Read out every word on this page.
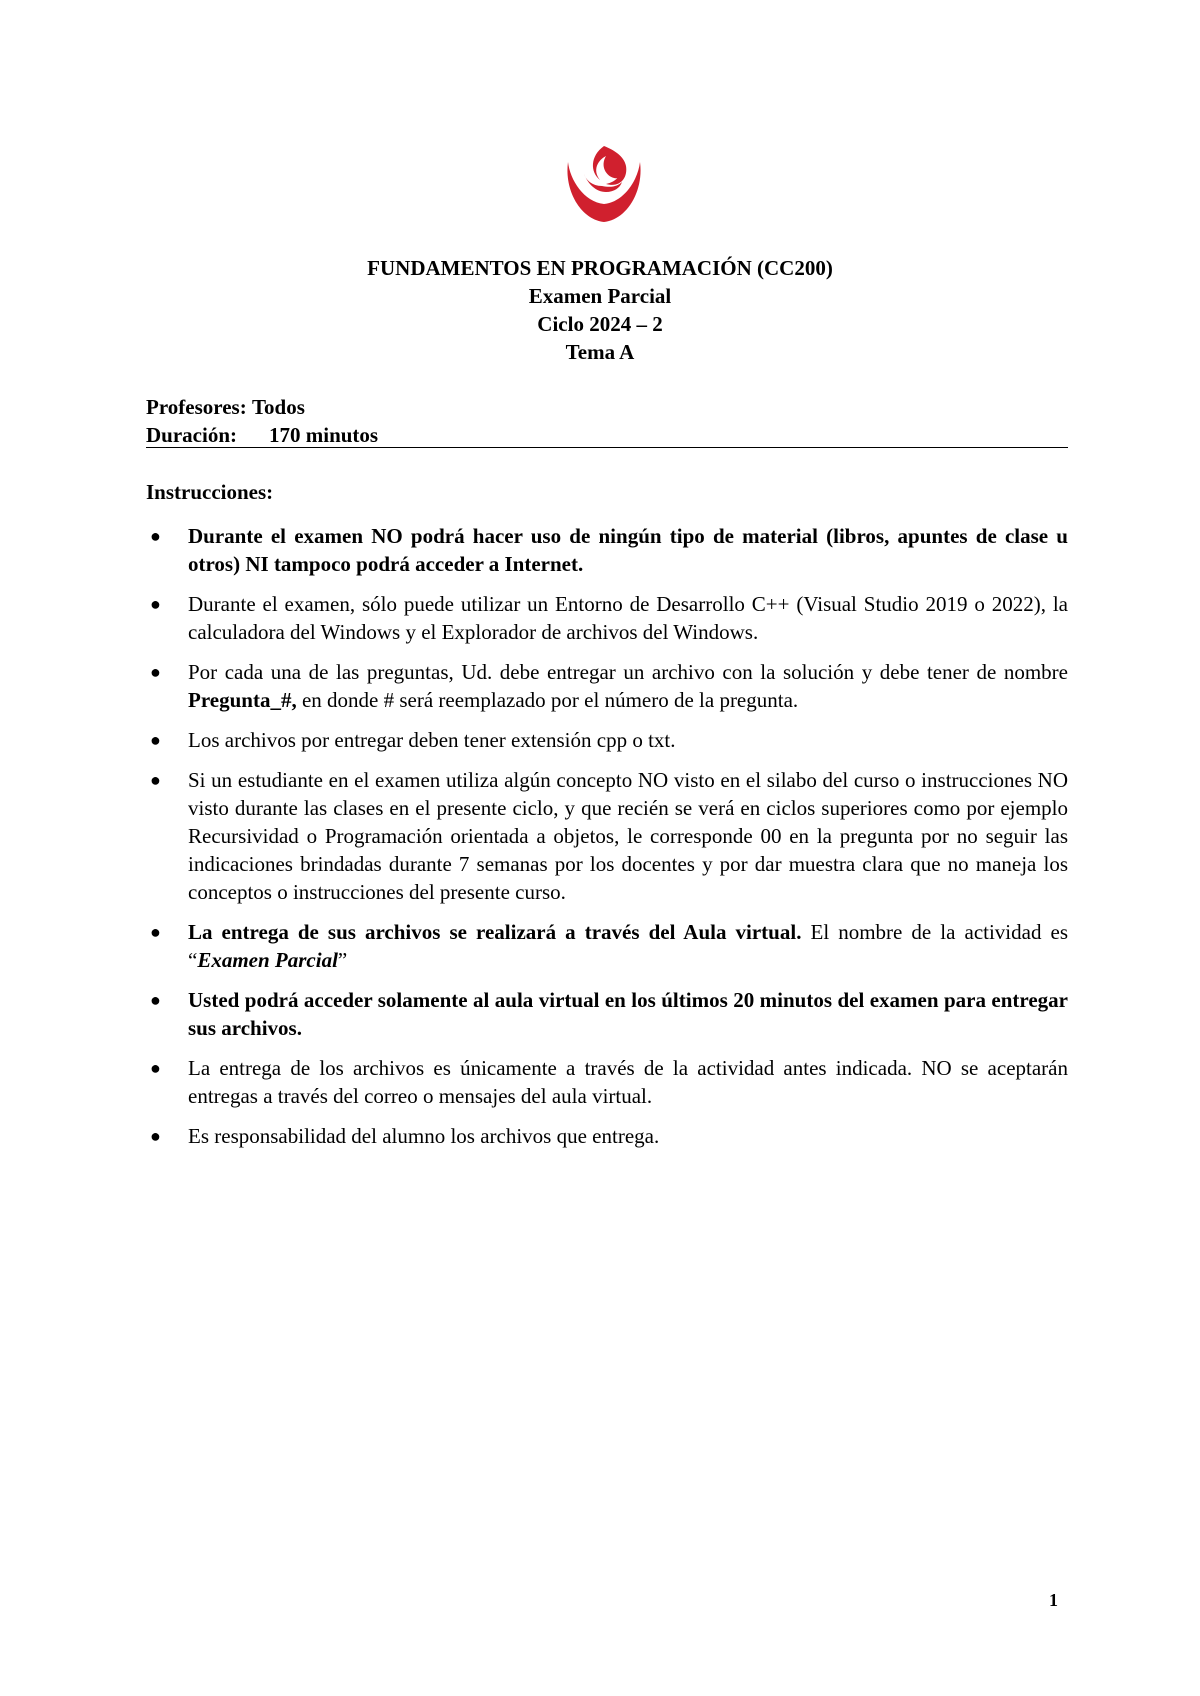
FUNDAMENTOS EN PROGRAMACIÓN (CC200)
Examen Parcial
Ciclo 2024 – 2
Tema A
Profesores:
Todos
Duración:	170 minutos
Instrucciones:
● Durante el examen NO podrá hacer uso de ningún tipo de material (libros, apuntes de clase u otros) NI tampoco podrá acceder a Internet.
● Durante el examen, sólo puede utilizar un Entorno de Desarrollo C++ (Visual Studio 2019 o 2022), la calculadora del Windows y el Explorador de archivos del Windows.
● Por cada una de las preguntas, Ud. debe entregar un archivo con la solución y debe tener de nombre Pregunta_#, en donde # será reemplazado por el número de la pregunta.
● Los archivos por entregar deben tener extensión cpp o txt.
● Si un estudiante en el examen utiliza algún concepto NO visto en el silabo del curso o instrucciones NO visto durante las clases en el presente ciclo, y que recién se verá en ciclos superiores como por ejemplo Recursividad o Programación orientada a objetos, le corresponde 00 en la pregunta por no seguir las indicaciones brindadas durante 7 semanas por los docentes y por dar muestra clara que no maneja los conceptos o instrucciones del presente curso.
● La entrega de sus archivos se realizará a través del Aula virtual. El nombre de la actividad es “Examen Parcial”
● Usted podrá acceder solamente al aula virtual en los últimos 20 minutos del examen para entregar sus archivos.
● La entrega de los archivos es únicamente a través de la actividad antes indicada. NO se aceptarán entregas a través del correo o mensajes del aula virtual.
● Es responsabilidad del alumno los archivos que entrega.
1
